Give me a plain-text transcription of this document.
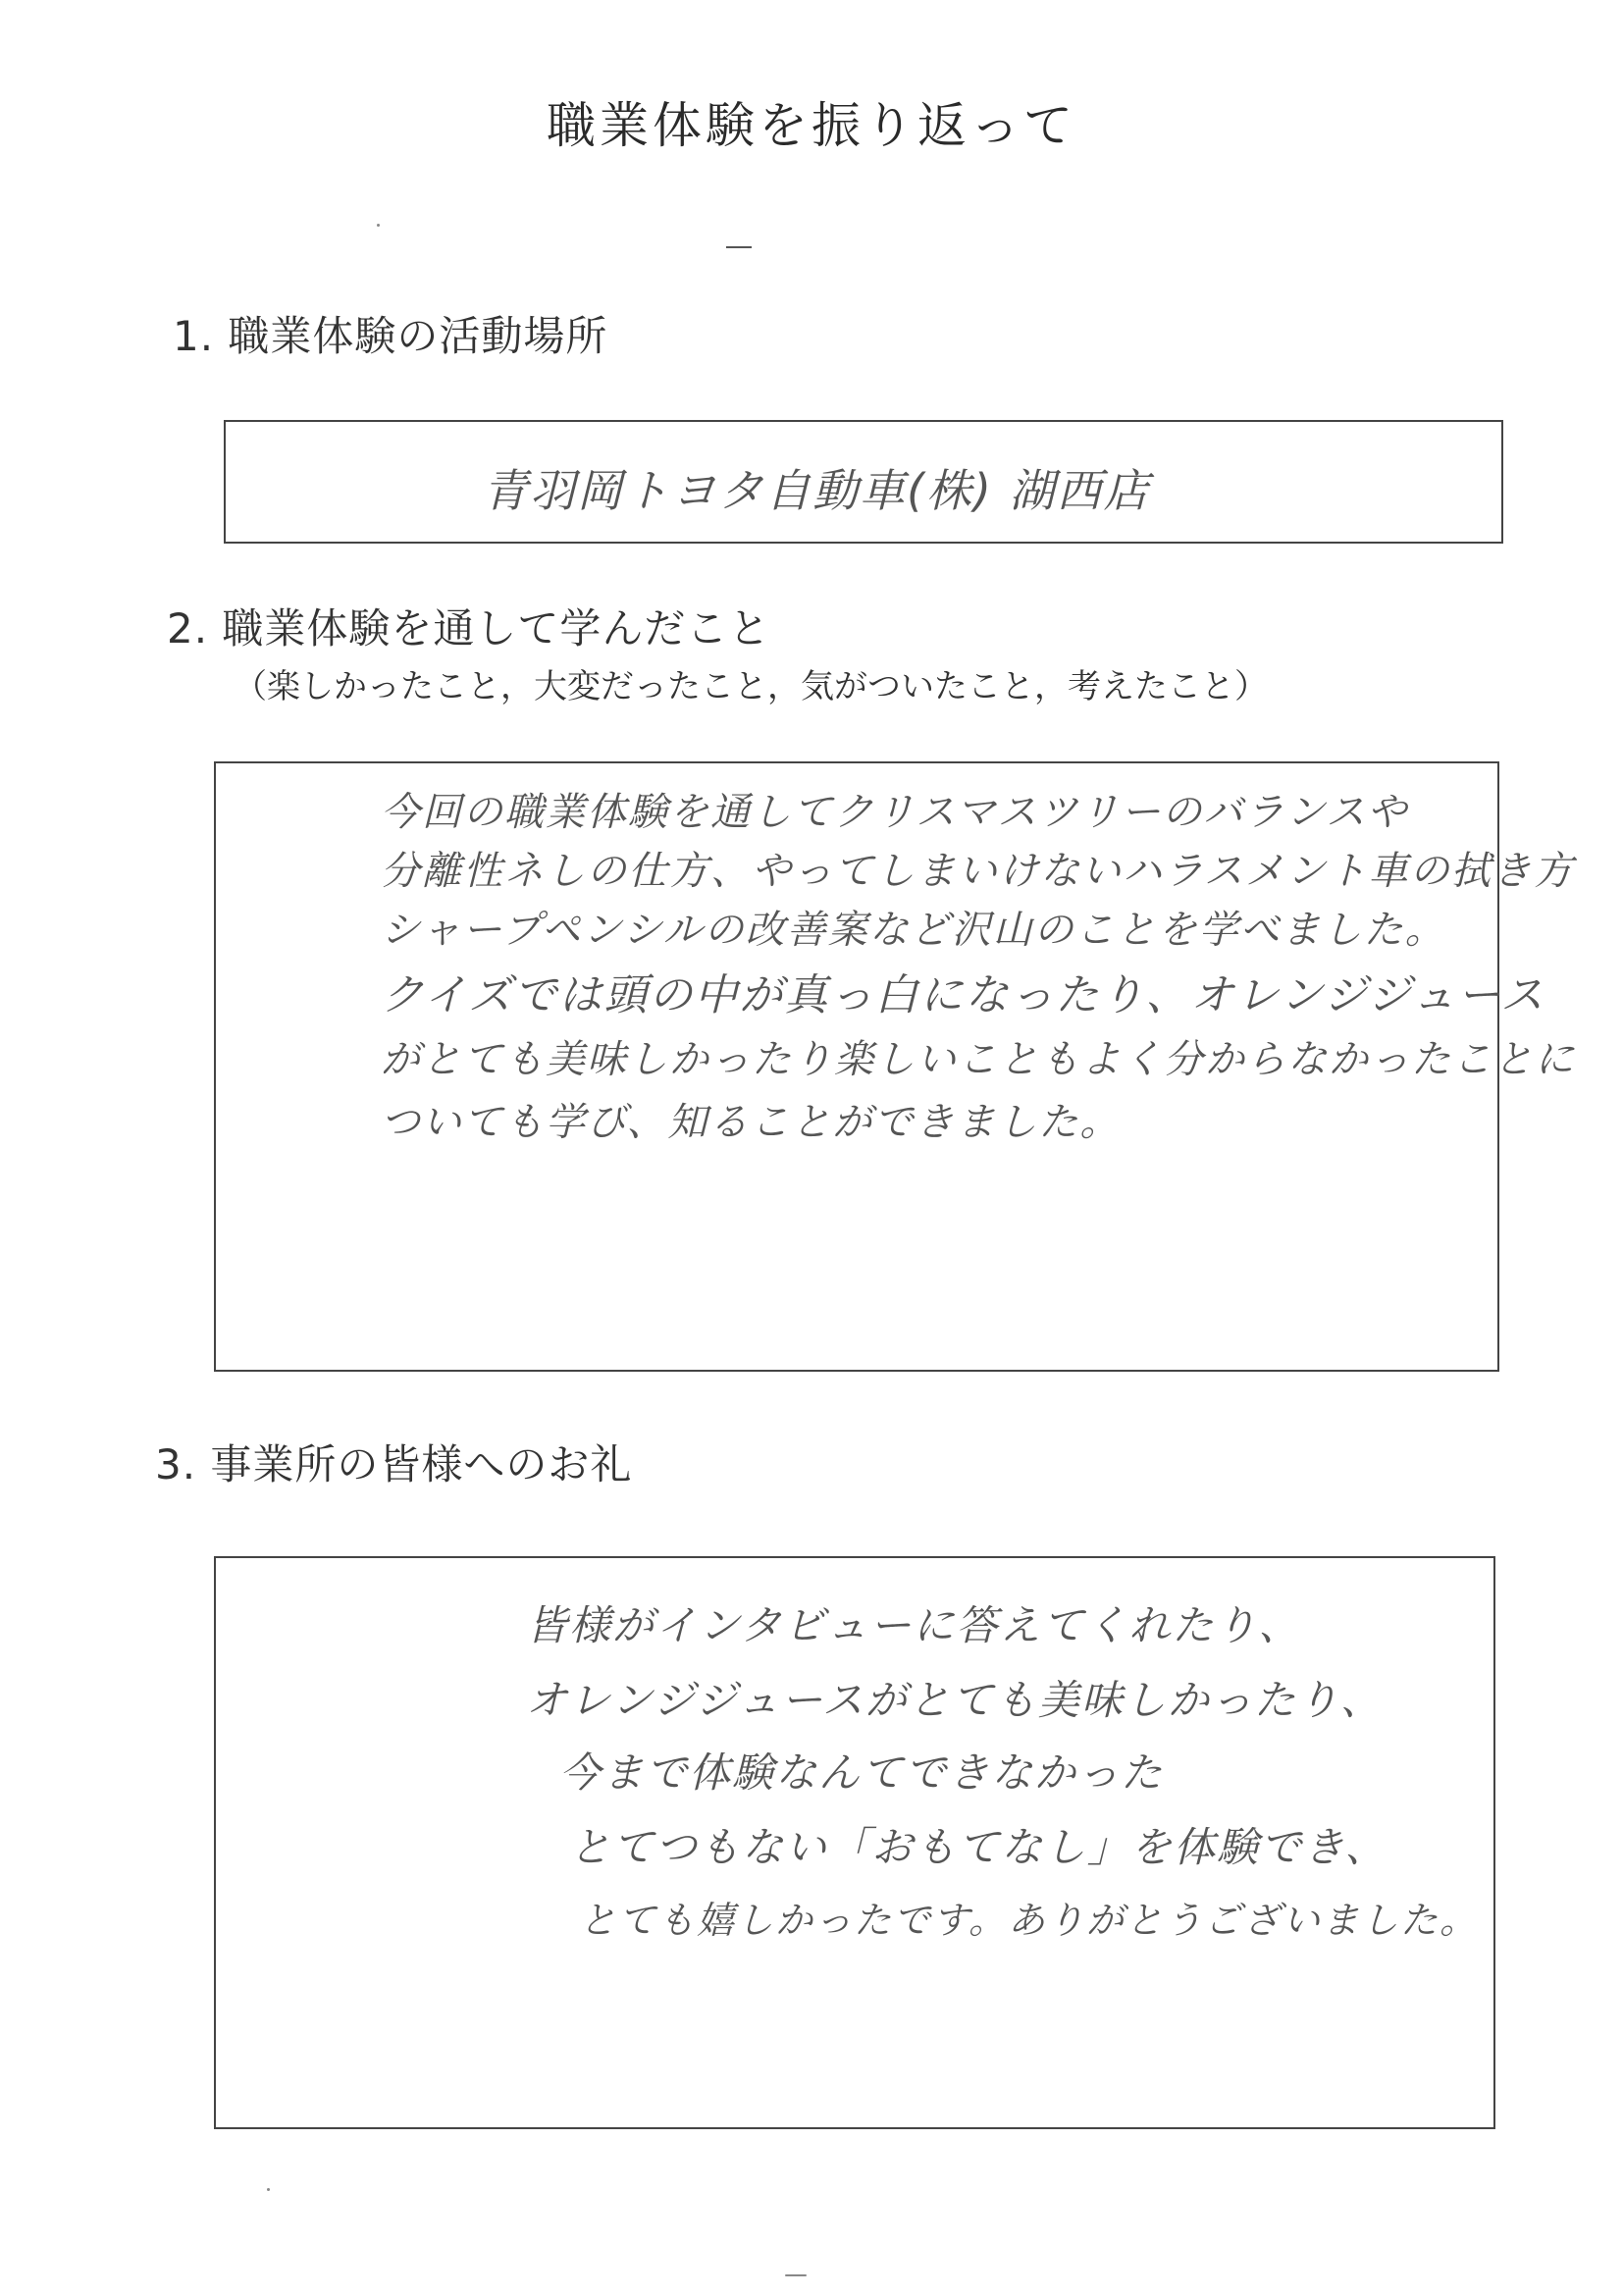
職業体験を振り返って
1. 職業体験の活動場所
青羽岡トヨタ自動車(株) 湖西店
2. 職業体験を通して学んだこと
（楽しかったこと，大変だったこと，気がついたこと，考えたこと）
今回の職業体験を通してクリスマスツリーのバランスや
分離性ネしの仕方、やってしまいけないハラスメント車の拭き方
シャープペンシルの改善案など沢山のことを学べました。
クイズでは頭の中が真っ白になったり、オレンジジュース
がとても美味しかったり楽しいこともよく分からなかったことに
ついても学び、知ることができました。
3. 事業所の皆様へのお礼
皆様がインタビューに答えてくれたり、
オレンジジュースがとても美味しかったり、
今まで体験なんてできなかった
とてつもない「おもてなし」を体験でき、
とても嬉しかったです。ありがとうございました。
